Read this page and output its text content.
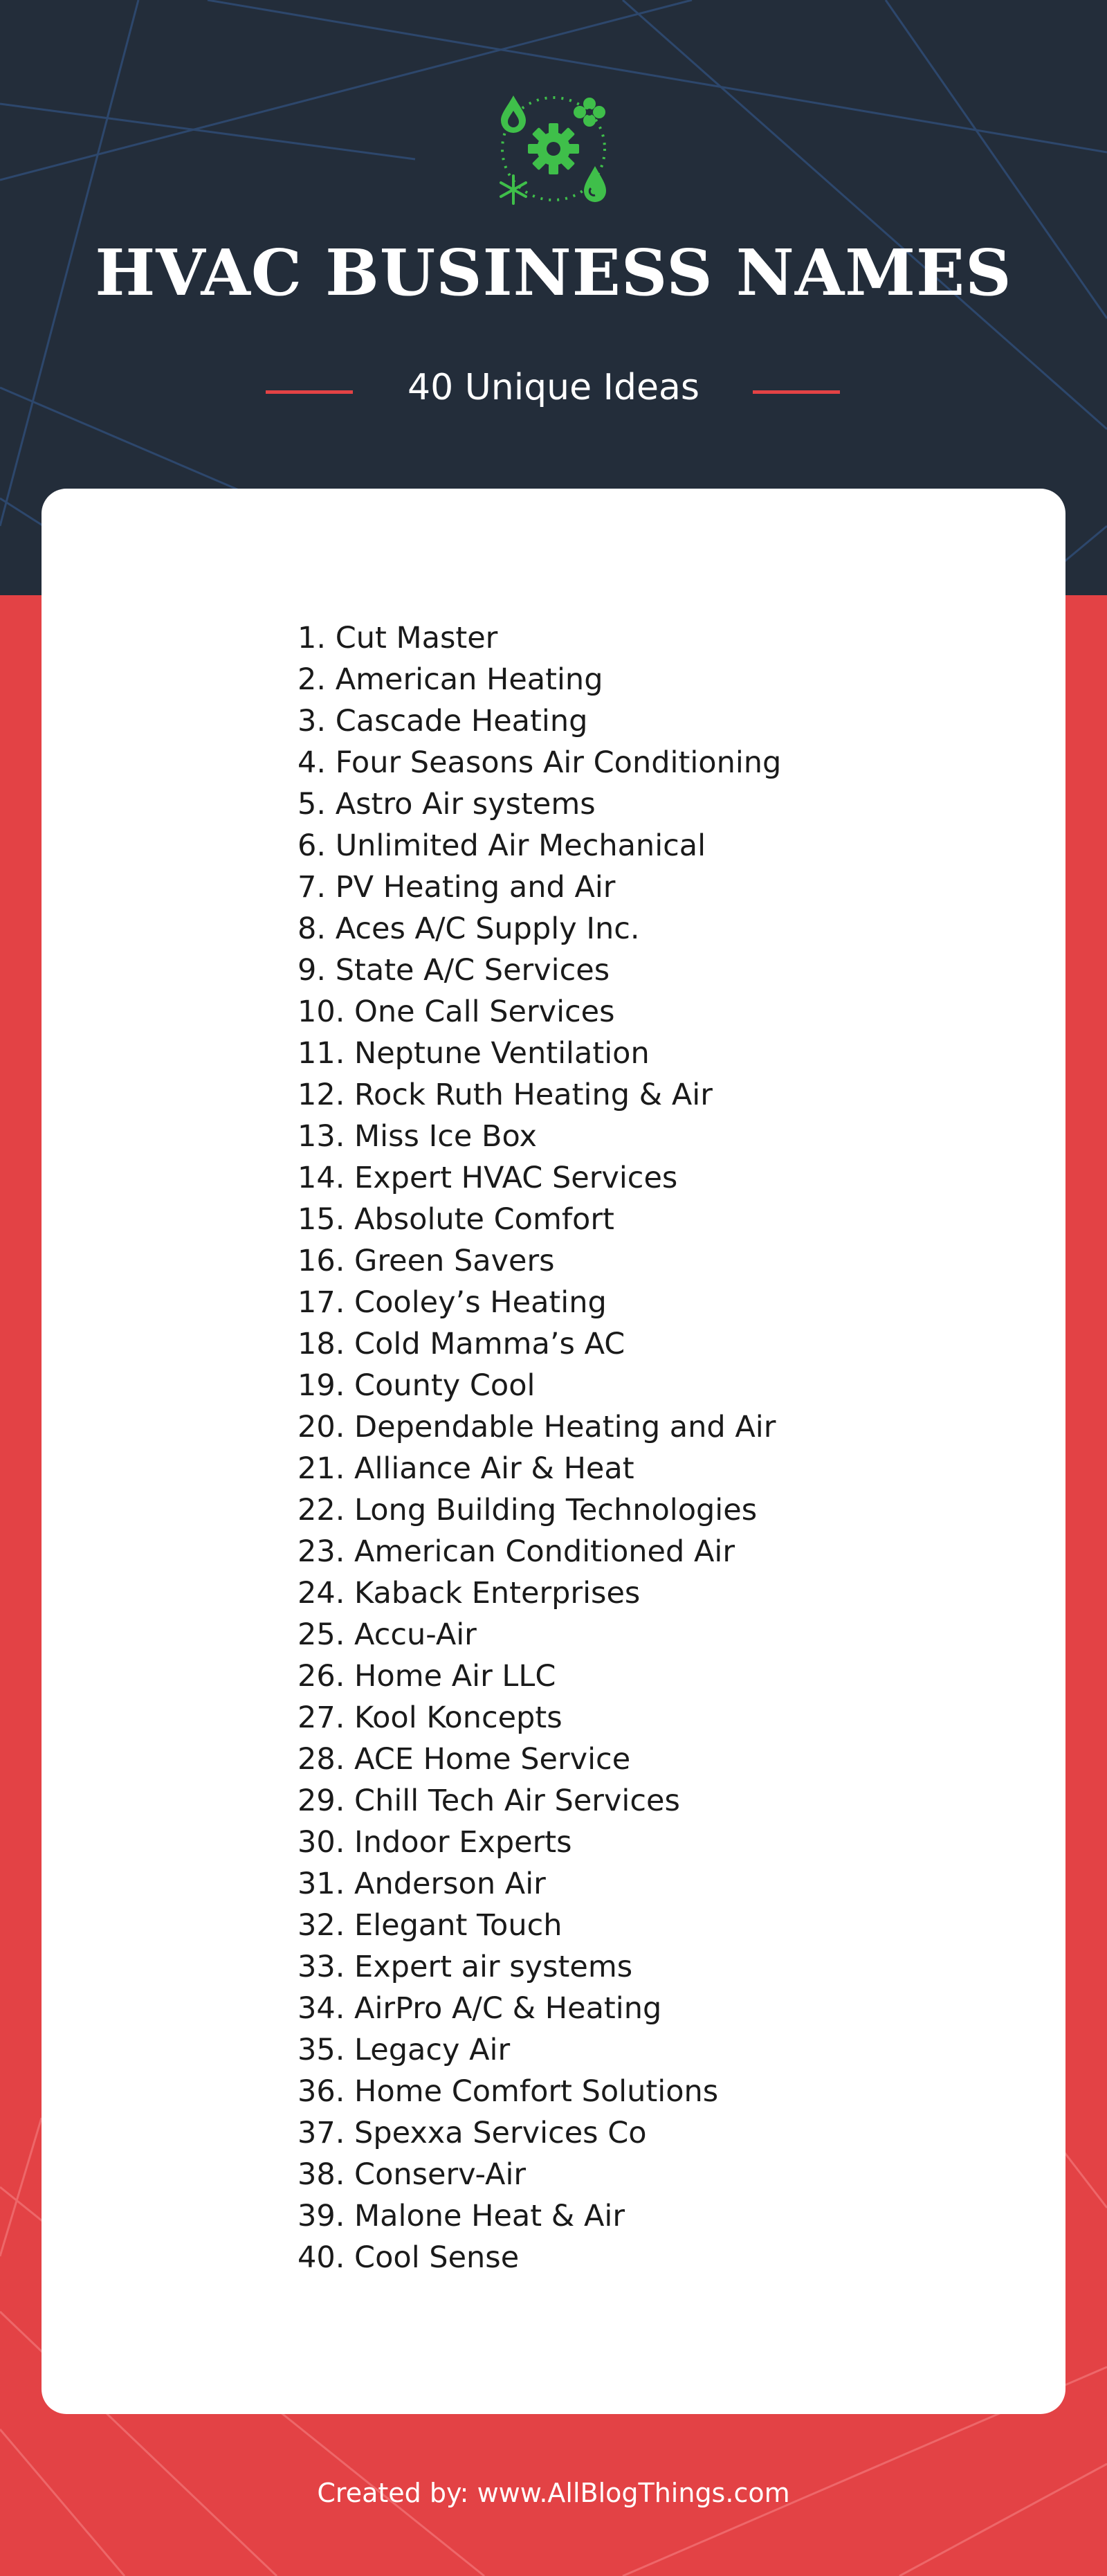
HVAC BUSINESS NAMES
40 Unique Ideas
1. Cut Master
2. American Heating
3. Cascade Heating
4. Four Seasons Air Conditioning
5. Astro Air systems
6. Unlimited Air Mechanical
7. PV Heating and Air
8. Aces A/C Supply Inc.
9. State A/C Services
10. One Call Services
11. Neptune Ventilation
12. Rock Ruth Heating & Air
13. Miss Ice Box
14. Expert HVAC Services
15. Absolute Comfort
16. Green Savers
17. Cooley’s Heating
18. Cold Mamma’s AC
19. County Cool
20. Dependable Heating and Air
21. Alliance Air & Heat
22. Long Building Technologies
23. American Conditioned Air
24. Kaback Enterprises
25. Accu-Air
26. Home Air LLC
27. Kool Koncepts
28. ACE Home Service
29. Chill Tech Air Services
30. Indoor Experts
31. Anderson Air
32. Elegant Touch
33. Expert air systems
34. AirPro A/C & Heating
35. Legacy Air
36. Home Comfort Solutions
37. Spexxa Services Co
38. Conserv-Air
39. Malone Heat & Air
40. Cool Sense
Created by: www.AllBlogThings.com
